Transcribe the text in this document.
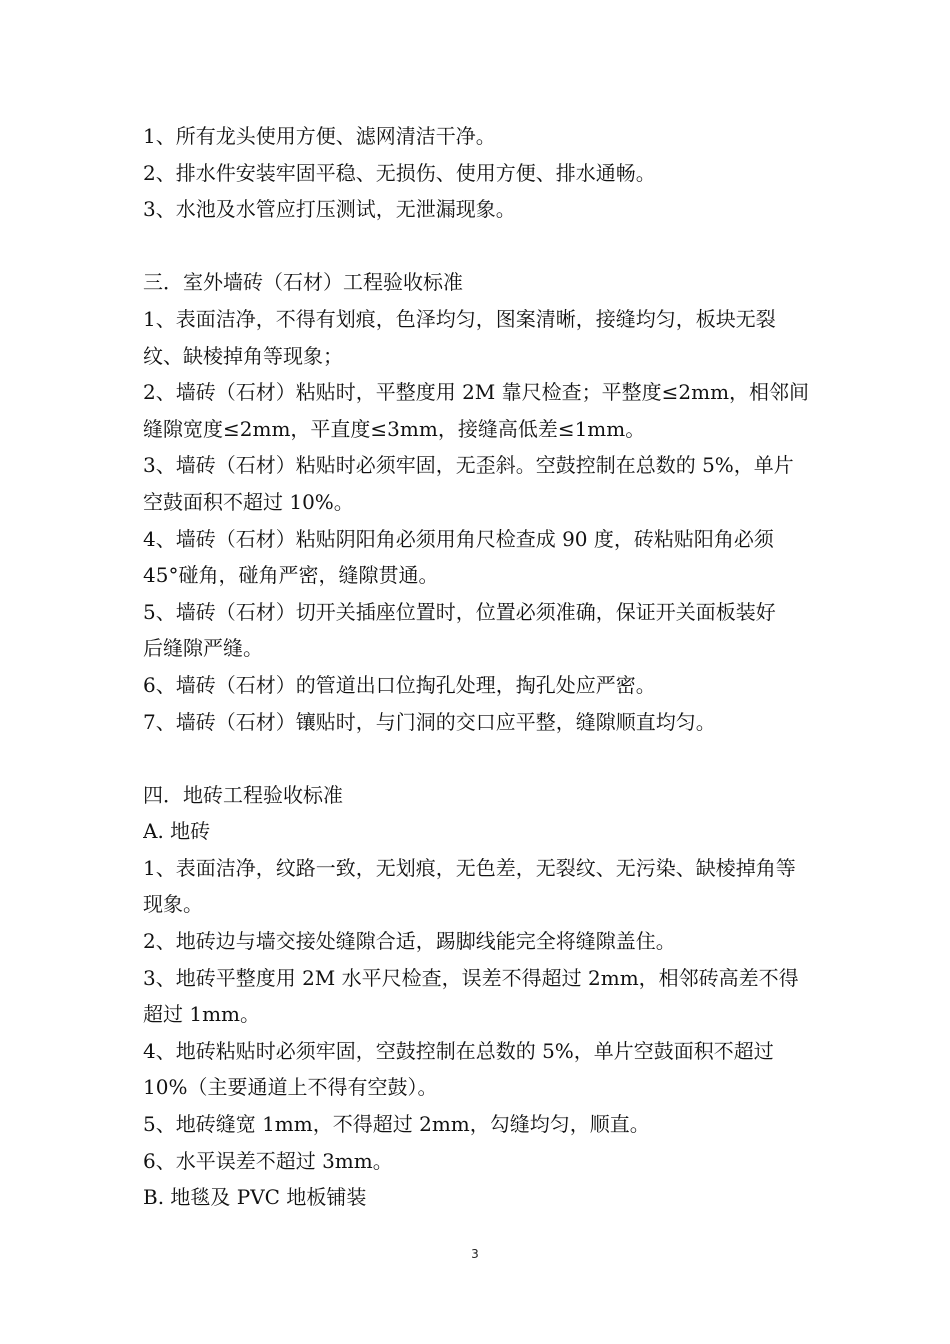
1、所有龙头使用方便、滤网清洁干净。
2、排水件安装牢固平稳、无损伤、使用方便、排水通畅。
3、水池及水管应打压测试，无泄漏现象。
三．室外墙砖（石材）工程验收标准
1、表面洁净，不得有划痕，色泽均匀，图案清晰，接缝均匀，板块无裂
纹、缺棱掉角等现象；
2、墙砖（石材）粘贴时，平整度用 2M 靠尺检查；平整度≤2mm，相邻间
缝隙宽度≤2mm，平直度≤3mm，接缝高低差≤1mm。
3、墙砖（石材）粘贴时必须牢固，无歪斜。空鼓控制在总数的 5%，单片
空鼓面积不超过 10%。
4、墙砖（石材）粘贴阴阳角必须用角尺检查成 90 度，砖粘贴阳角必须
45°碰角，碰角严密，缝隙贯通。
5、墙砖（石材）切开关插座位置时，位置必须准确，保证开关面板装好
后缝隙严缝。
6、墙砖（石材）的管道出口位掏孔处理，掏孔处应严密。
7、墙砖（石材）镶贴时，与门洞的交口应平整，缝隙顺直均匀。
四．地砖工程验收标准
A. 地砖
1、表面洁净，纹路一致，无划痕，无色差，无裂纹、无污染、缺棱掉角等
现象。
2、地砖边与墙交接处缝隙合适，踢脚线能完全将缝隙盖住。
3、地砖平整度用 2M 水平尺检查，误差不得超过 2mm，相邻砖高差不得
超过 1mm。
4、地砖粘贴时必须牢固，空鼓控制在总数的 5%，单片空鼓面积不超过
10%（主要通道上不得有空鼓）。
5、地砖缝宽 1mm，不得超过 2mm，勾缝均匀，顺直。
6、水平误差不超过 3mm。
B. 地毯及 PVC 地板铺装
3
